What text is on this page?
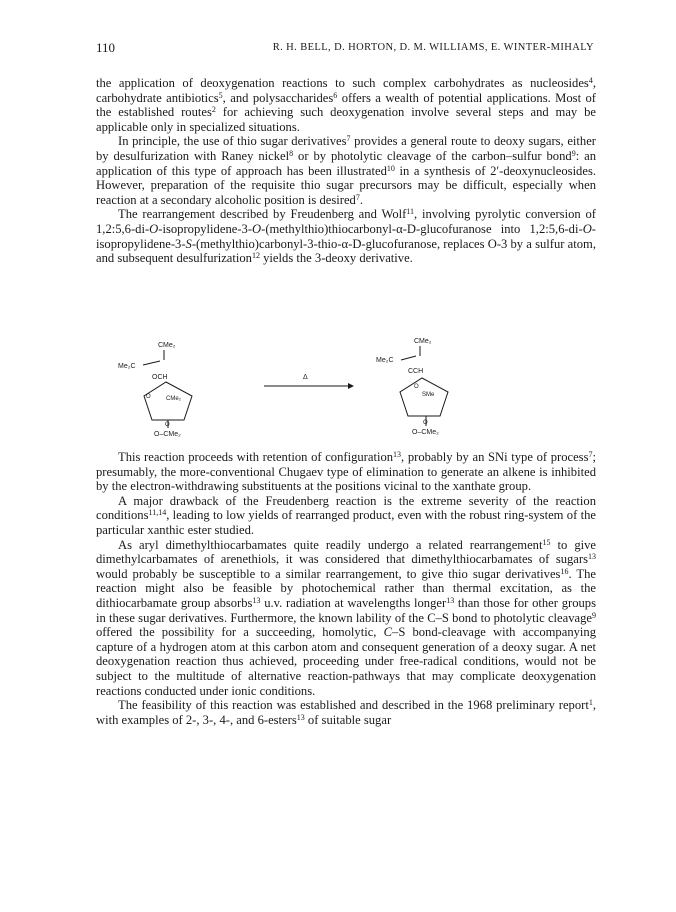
110	R. H. BELL, D. HORTON, D. M. WILLIAMS, E. WINTER-MIHALY

the application of deoxygenation reactions to such complex carbohydrates as nucleosides$^4$, carbohydrate antibiotics$^5$, and polysaccharides$^6$ offers a wealth of potential applications. Most of the established routes$^2$ for achieving such deoxygenation involve several steps and may be applicable only in specialized situations.

In principle, the use of thio sugar derivatives$^7$ provides a general route to deoxy sugars, either by desulfurization with Raney nickel$^8$ or by photolytic cleavage of the carbon–sulfur bond$^9$: an application of this type of approach has been illustrated$^{10}$ in a synthesis of 2′-deoxynucleosides. However, preparation of the requisite thio sugar precursors may be difficult, especially when reaction at a secondary alcoholic position is desired$^7$.

The rearrangement described by Freudenberg and Wolf$^{11}$, involving pyrolytic conversion of 1,2:5,6-di-O-isopropylidene-3-O-(methylthio)thiocarbonyl-α-D-glucofuranose into 1,2:5,6-di-O-isopropylidene-3-S-(methylthio)carbonyl-3-thio-α-D-glucofuranose, replaces O-3 by a sulfur atom, and subsequent desulfurization$^{12}$ yields the 3-deoxy derivative.

CMe₂
Me₂C
OCH
CMe₂
O
O
O–CMe₂
Δ
CMe₂
Me₂C
CCH
SMe
O
O
O–CMe₂

This reaction proceeds with retention of configuration$^{13}$, probably by an SNi type of process$^7$; presumably, the more-conventional Chugaev type of elimination to generate an alkene is inhibited by the electron-withdrawing substituents at the positions vicinal to the xanthate group.

A major drawback of the Freudenberg reaction is the extreme severity of the reaction conditions$^{11,14}$, leading to low yields of rearranged product, even with the robust ring-system of the particular xanthic ester studied.

As aryl dimethylthiocarbamates quite readily undergo a related rearrangement$^{15}$ to give dimethylcarbamates of arenethiols, it was considered that dimethylthiocarbamates of sugars$^{13}$ would probably be susceptible to a similar rearrangement, to give thio sugar derivatives$^{16}$. The reaction might also be feasible by photochemical rather than thermal excitation, as the dithiocarbamate group absorbs$^{13}$ u.v. radiation at wavelengths longer$^{13}$ than those for other groups in these sugar derivatives. Furthermore, the known lability of the C–S bond to photolytic cleavage$^9$ offered the possibility for a succeeding, homolytic, C–S bond-cleavage with accompanying capture of a hydrogen atom at this carbon atom and consequent generation of a deoxy sugar. A net deoxygenation reaction thus achieved, proceeding under free-radical conditions, would not be subject to the multitude of alternative reaction-pathways that may complicate deoxygenation reactions conducted under ionic conditions.

The feasibility of this reaction was established and described in the 1968 preliminary report$^1$, with examples of 2-, 3-, 4-, and 6-esters$^{13}$ of suitable sugar
